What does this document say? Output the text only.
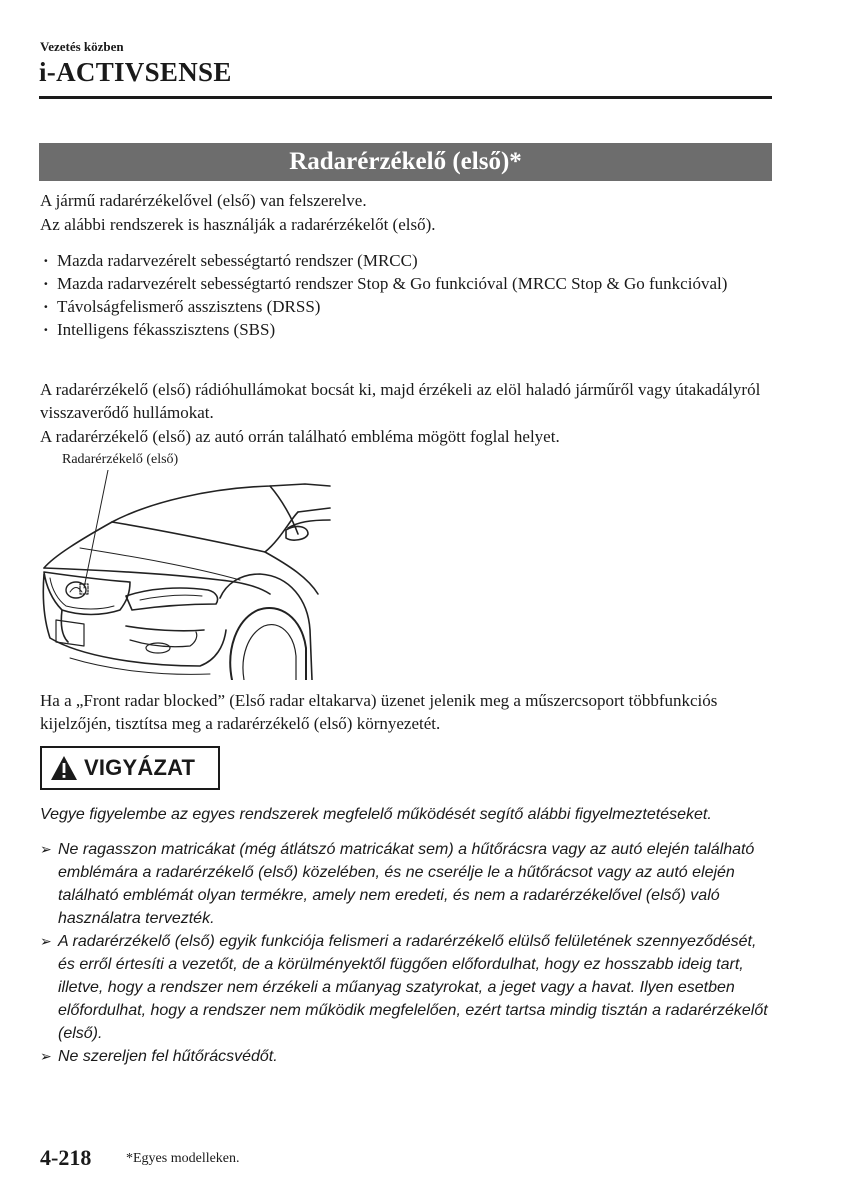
Vezetés közben
i-ACTIVSENSE
Radarérzékelő (első)*
A jármű radarérzékelővel (első) van felszerelve.
Az alábbi rendszerek is használják a radarérzékelőt (első).
· Mazda radarvezérelt sebességtartó rendszer (MRCC)
· Mazda radarvezérelt sebességtartó rendszer Stop & Go funkcióval (MRCC Stop & Go funkcióval)
· Távolságfelismerő asszisztens (DRSS)
· Intelligens fékasszisztens (SBS)
A radarérzékelő (első) rádióhullámokat bocsát ki, majd érzékeli az elöl haladó járműről vagy útakadályról visszaverődő hullámokat.
A radarérzékelő (első) az autó orrán található embléma mögött foglal helyet.
Radarérzékelő (első)
Ha a „Front radar blocked” (Első radar eltakarva) üzenet jelenik meg a műszercsoport többfunkciós kijelzőjén, tisztítsa meg a radarérzékelő (első) környezetét.
VIGYÁZAT
Vegye figyelembe az egyes rendszerek megfelelő működését segítő alábbi figyelmeztetéseket.
➢ Ne ragasszon matricákat (még átlátszó matricákat sem) a hűtőrácsra vagy az autó elején található emblémára a radarérzékelő (első) közelében, és ne cserélje le a hűtőrácsot vagy az autó elején található emblémát olyan termékre, amely nem eredeti, és nem a radarérzékelővel (első) való használatra tervezték.
➢ A radarérzékelő (első) egyik funkciója felismeri a radarérzékelő elülső felületének szennyeződését, és erről értesíti a vezetőt, de a körülményektől függően előfordulhat, hogy ez hosszabb ideig tart, illetve, hogy a rendszer nem érzékeli a műanyag szatyrokat, a jeget vagy a havat. Ilyen esetben előfordulhat, hogy a rendszer nem működik megfelelően, ezért tartsa mindig tisztán a radarérzékelőt (első).
➢ Ne szereljen fel hűtőrácsvédőt.
4-218 *Egyes modelleken.
